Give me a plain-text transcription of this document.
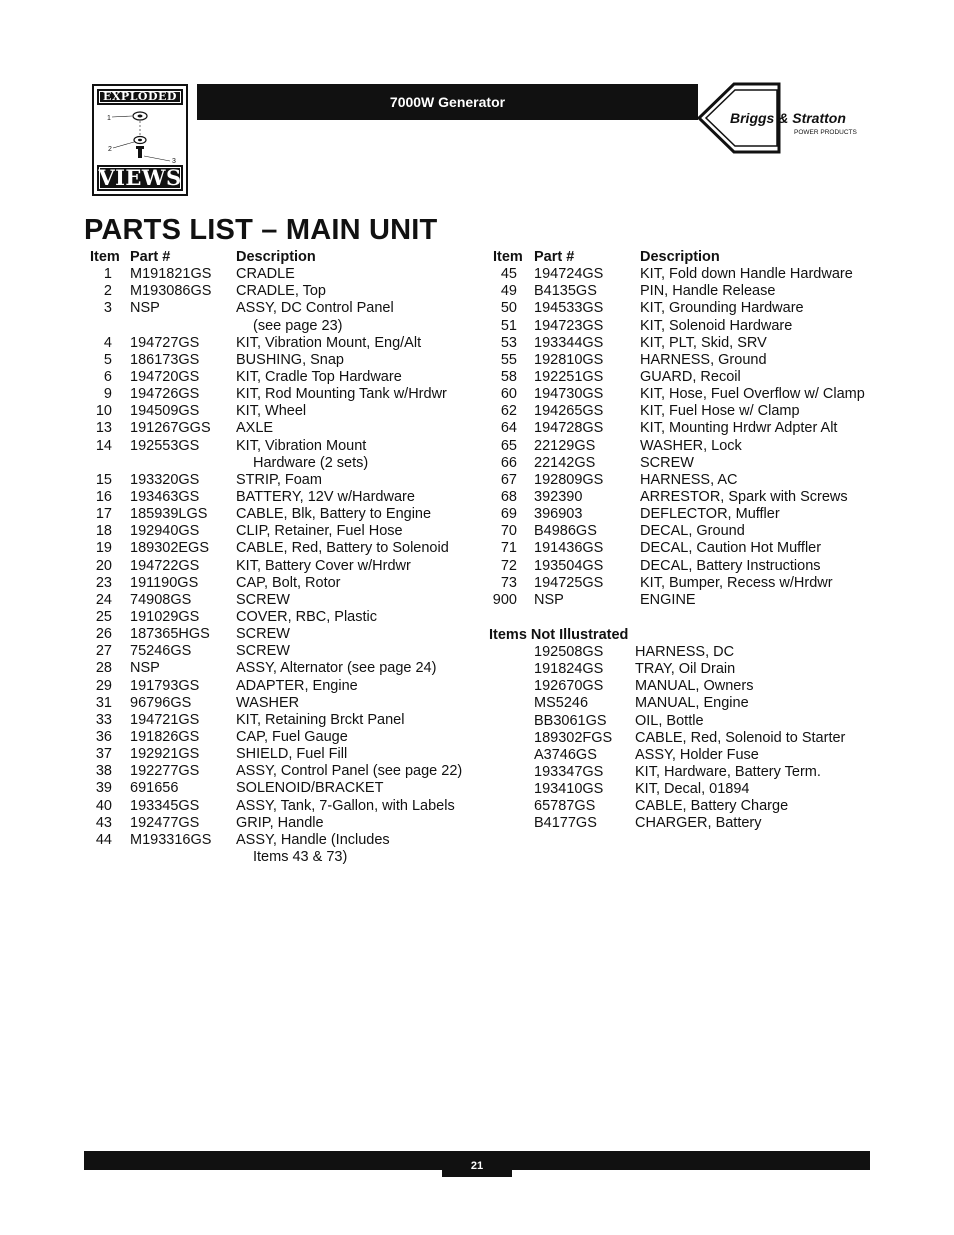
EXPLODED
1
2
3
VIEWS
7000W Generator
Briggs & Stratton
POWER PRODUCTS
PARTS LIST – MAIN UNIT
Item Part #	Description
1 M191821GS CRADLE
2 M193086GS CRADLE, Top
3 NSP	ASSY, DC Control Panel
(see page 23)
4 194727GS	KIT, Vibration Mount, Eng/Alt
5 186173GS	BUSHING, Snap
6 194720GS	KIT, Cradle Top Hardware
9 194726GS	KIT, Rod Mounting Tank w/Hrdwr
10 194509GS	KIT, Wheel
13 191267GGS AXLE
14 192553GS	KIT, Vibration Mount
Hardware (2 sets)
15 193320GS	STRIP, Foam
16 193463GS	BATTERY, 12V w/Hardware
17 185939LGS CABLE, Blk, Battery to Engine
18 192940GS	CLIP, Retainer, Fuel Hose
19 189302EGS CABLE, Red, Battery to Solenoid
20 194722GS	KIT, Battery Cover w/Hrdwr
23 191190GS	CAP, Bolt, Rotor
24 74908GS	SCREW
25 191029GS	COVER, RBC, Plastic
26 187365HGS SCREW
27 75246GS	SCREW
28 NSP	ASSY, Alternator (see page 24)
29 191793GS	ADAPTER, Engine
31 96796GS	WASHER
33 194721GS	KIT, Retaining Brckt Panel
36 191826GS	CAP, Fuel Gauge
37 192921GS	SHIELD, Fuel Fill
38 192277GS	ASSY, Control Panel (see page 22)
39 691656	SOLENOID/BRACKET
40 193345GS	ASSY, Tank, 7-Gallon, with Labels
43 192477GS	GRIP, Handle
44 M193316GS ASSY, Handle (Includes
Items 43 & 73)
Item Part #	Description
45 194724GS	KIT, Fold down Handle Hardware
49 B4135GS	PIN, Handle Release
50 194533GS	KIT, Grounding Hardware
51 194723GS	KIT, Solenoid Hardware
53 193344GS	KIT, PLT, Skid, SRV
55 192810GS	HARNESS, Ground
58 192251GS	GUARD, Recoil
60 194730GS	KIT, Hose, Fuel Overflow w/ Clamp
62 194265GS	KIT, Fuel Hose w/ Clamp
64 194728GS	KIT, Mounting Hrdwr Adpter Alt
65 22129GS	WASHER, Lock
66 22142GS	SCREW
67 192809GS	HARNESS, AC
68 392390	ARRESTOR, Spark with Screws
69 396903	DEFLECTOR, Muffler
70 B4986GS	DECAL, Ground
71 191436GS	DECAL, Caution Hot Muffler
72 193504GS	DECAL, Battery Instructions
73 194725GS	KIT, Bumper, Recess w/Hrdwr
900 NSP	ENGINE
Items Not Illustrated
192508GS HARNESS, DC
191824GS TRAY, Oil Drain
192670GS MANUAL, Owners
MS5246	MANUAL, Engine
BB3061GS OIL, Bottle
189302FGS CABLE, Red, Solenoid to Starter
A3746GS	ASSY, Holder Fuse
193347GS KIT, Hardware, Battery Term.
193410GS KIT, Decal, 01894
65787GS	CABLE, Battery Charge
B4177GS	CHARGER, Battery
21
